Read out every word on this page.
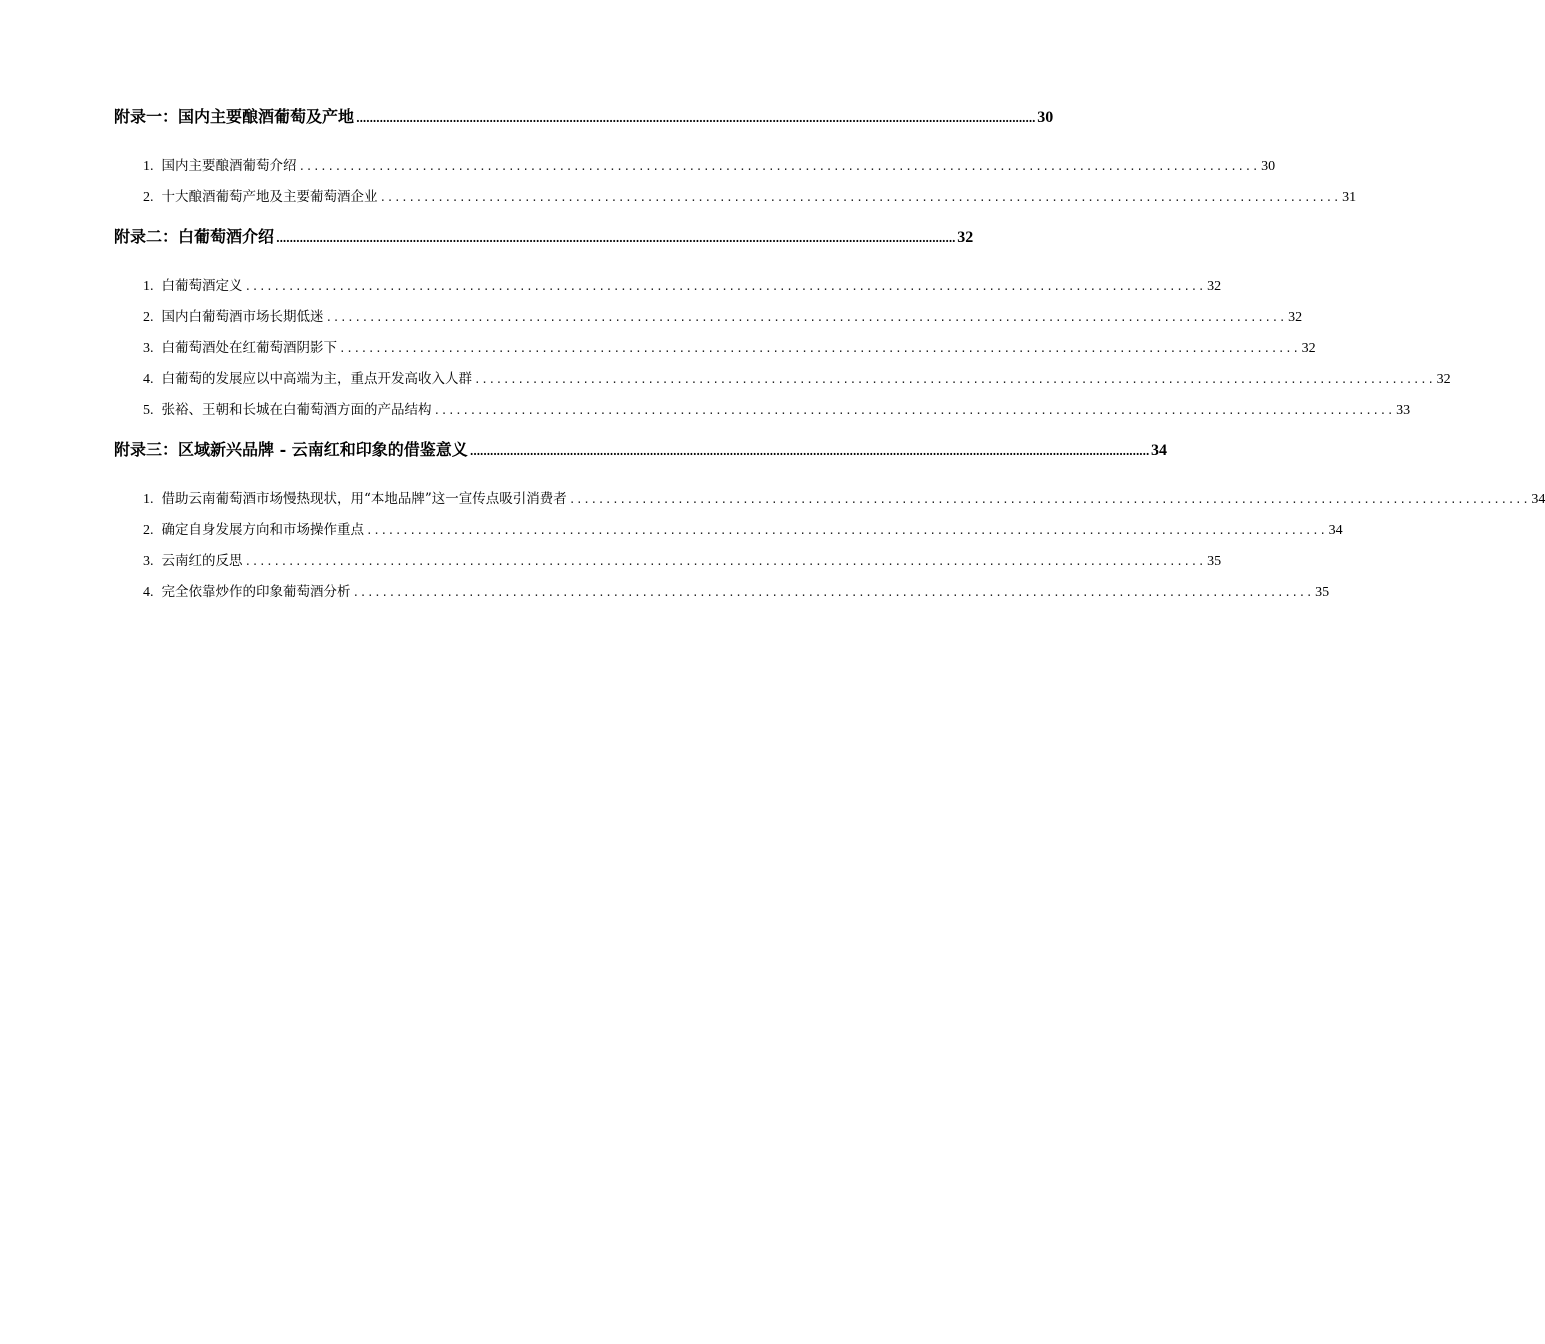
附录一：国内主要酿酒葡萄及产地 ............................................................................................................................................................................................................ 30
1. 国内主要酿酒葡萄介绍 ..................................................................................................................................... 30
2. 十大酿酒葡萄产地及主要葡萄酒企业 ..................................................................................................................................... 31
附录二：白葡萄酒介绍 ............................................................................................................................................................................................................ 32
1. 白葡萄酒定义 ..................................................................................................................................... 32
2. 国内白葡萄酒市场长期低迷 ..................................................................................................................................... 32
3. 白葡萄酒处在红葡萄酒阴影下 ..................................................................................................................................... 32
4. 白葡萄的发展应以中高端为主，重点开发高收入人群 ..................................................................................................................................... 32
5. 张裕、王朝和长城在白葡萄酒方面的产品结构 ..................................................................................................................................... 33
附录三：区域新兴品牌 - 云南红和印象的借鉴意义 ............................................................................................................................................................................................................ 34
1. 借助云南葡萄酒市场慢热现状，用“本地品牌”这一宣传点吸引消费者 ..................................................................................................................................... 34
2. 确定自身发展方向和市场操作重点 ..................................................................................................................................... 34
3. 云南红的反思 ..................................................................................................................................... 35
4. 完全依靠炒作的印象葡萄酒分析 ..................................................................................................................................... 35
